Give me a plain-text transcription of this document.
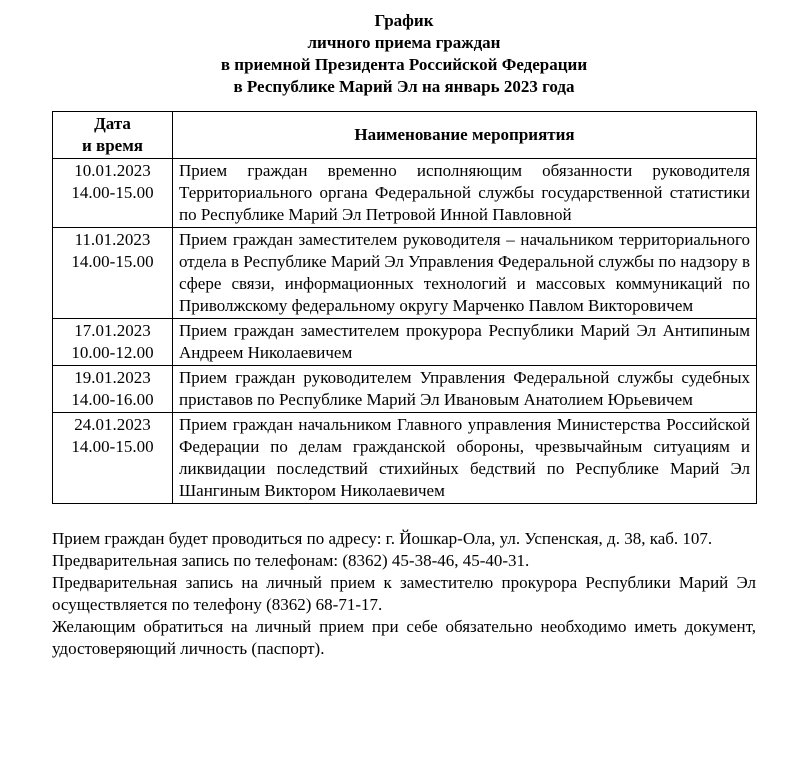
График
личного приема граждан
в приемной Президента Российской Федерации
в Республике Марий Эл на январь 2023 года
Дата
и время	Наименование мероприятия

10.01.2023
14.00-15.00	Прием граждан временно исполняющим обязанности руководителя Территориального органа Федеральной службы государственной статистики по Республике Марий Эл Петровой Инной Павловной

11.01.2023
14.00-15.00	Прием граждан заместителем руководителя – начальником территориального отдела в Республике Марий Эл Управления Федеральной службы по надзору в сфере связи, информационных технологий и массовых коммуникаций по Приволжскому федеральному округу Марченко Павлом Викторовичем

17.01.2023
10.00-12.00	Прием граждан заместителем прокурора Республики Марий Эл Антипиным Андреем Николаевичем

19.01.2023
14.00-16.00	Прием граждан руководителем Управления Федеральной службы судебных приставов по Республике Марий Эл Ивановым Анатолием Юрьевичем

24.01.2023
14.00-15.00	Прием граждан начальником Главного управления Министерства Российской Федерации по делам гражданской обороны, чрезвычайным ситуациям и ликвидации последствий стихийных бедствий по Республике Марий Эл Шангиным Виктором Николаевичем

Прием граждан будет проводиться по адресу: г. Йошкар-Ола, ул. Успенская, д. 38, каб. 107.

Предварительная запись по телефонам: (8362) 45-38-46, 45-40-31.

Предварительная запись на личный прием к заместителю прокурора Республики Марий Эл осуществляется по телефону (8362) 68-71-17.

Желающим обратиться на личный прием при себе обязательно необходимо иметь документ, удостоверяющий личность (паспорт).
